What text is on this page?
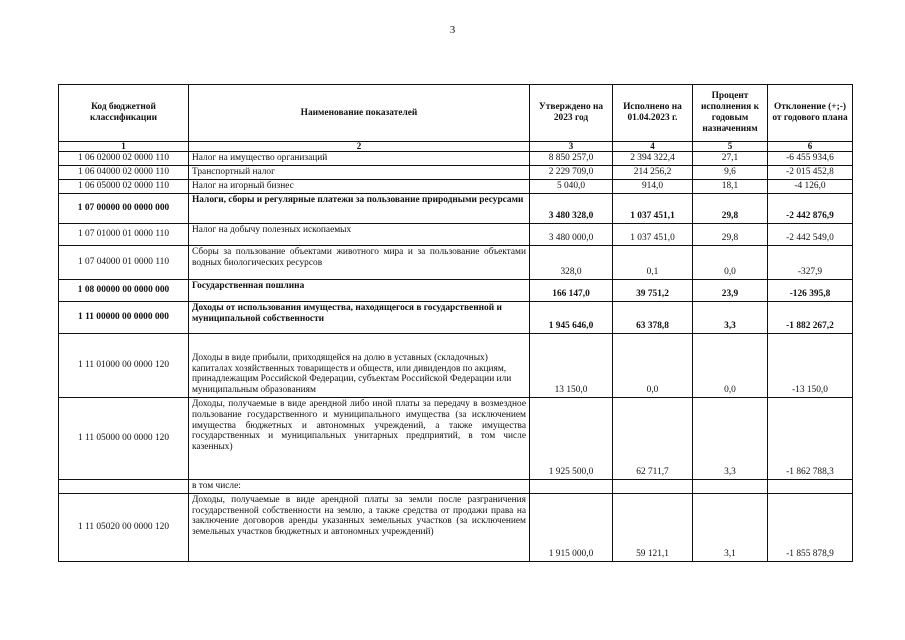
3
Код бюджетной классификации	Наименование показателей	Утверждено на 2023 год	Исполнено на 01.04.2023 г.	Процент исполнения к годовым назначениям	Отклонение (+;-) от годового плана
1	2	3	4	5	6
1 06 02000 02 0000 110	Налог на имущество организаций	8 850 257,0	2 394 322,4	27,1	-6 455 934,6
1 06 04000 02 0000 110	Транспортный налог	2 229 709,0	214 256,2	9,6	-2 015 452,8
1 06 05000 02 0000 110	Налог на игорный бизнес	5 040,0	914,0	18,1	-4 126,0
1 07 00000 00 0000 000	Налоги, сборы и регулярные платежи за пользование природными ресурсами	3 480 328,0	1 037 451,1	29,8	-2 442 876,9
1 07 01000 01 0000 110	Налог на добычу полезных ископаемых	3 480 000,0	1 037 451,0	29,8	-2 442 549,0
1 07 04000 01 0000 110	Сборы за пользование объектами животного мира и за пользование объектами водных биологических ресурсов	328,0	0,1	0,0	-327,9
1 08 00000 00 0000 000	Государственная пошлина	166 147,0	39 751,2	23,9	-126 395,8
1 11 00000 00 0000 000	Доходы от использования имущества, находящегося в государственной и муниципальной собственности	1 945 646,0	63 378,8	3,3	-1 882 267,2
1 11 01000 00 0000 120	Доходы в виде прибыли, приходящейся на долю в уставных (складочных) капиталах хозяйственных товариществ и обществ, или дивидендов по акциям, принадлежащим Российской Федерации, субъектам Российской Федерации или муниципальным образованиям	13 150,0	0,0	0,0	-13 150,0
1 11 05000 00 0000 120	Доходы, получаемые в виде арендной либо иной платы за передачу в возмездное пользование государственного и муниципального имущества (за исключением имущества бюджетных и автономных учреждений, а также имущества государственных и муниципальных унитарных предприятий, в том числе казенных)	1 925 500,0	62 711,7	3,3	-1 862 788,3
	в том числе:				
1 11 05020 00 0000 120	Доходы, получаемые в виде арендной платы за земли после разграничения государственной собственности на землю, а также средства от продажи права на заключение договоров аренды указанных земельных участков (за исключением земельных участков бюджетных и автономных учреждений)	1 915 000,0	59 121,1	3,1	-1 855 878,9
